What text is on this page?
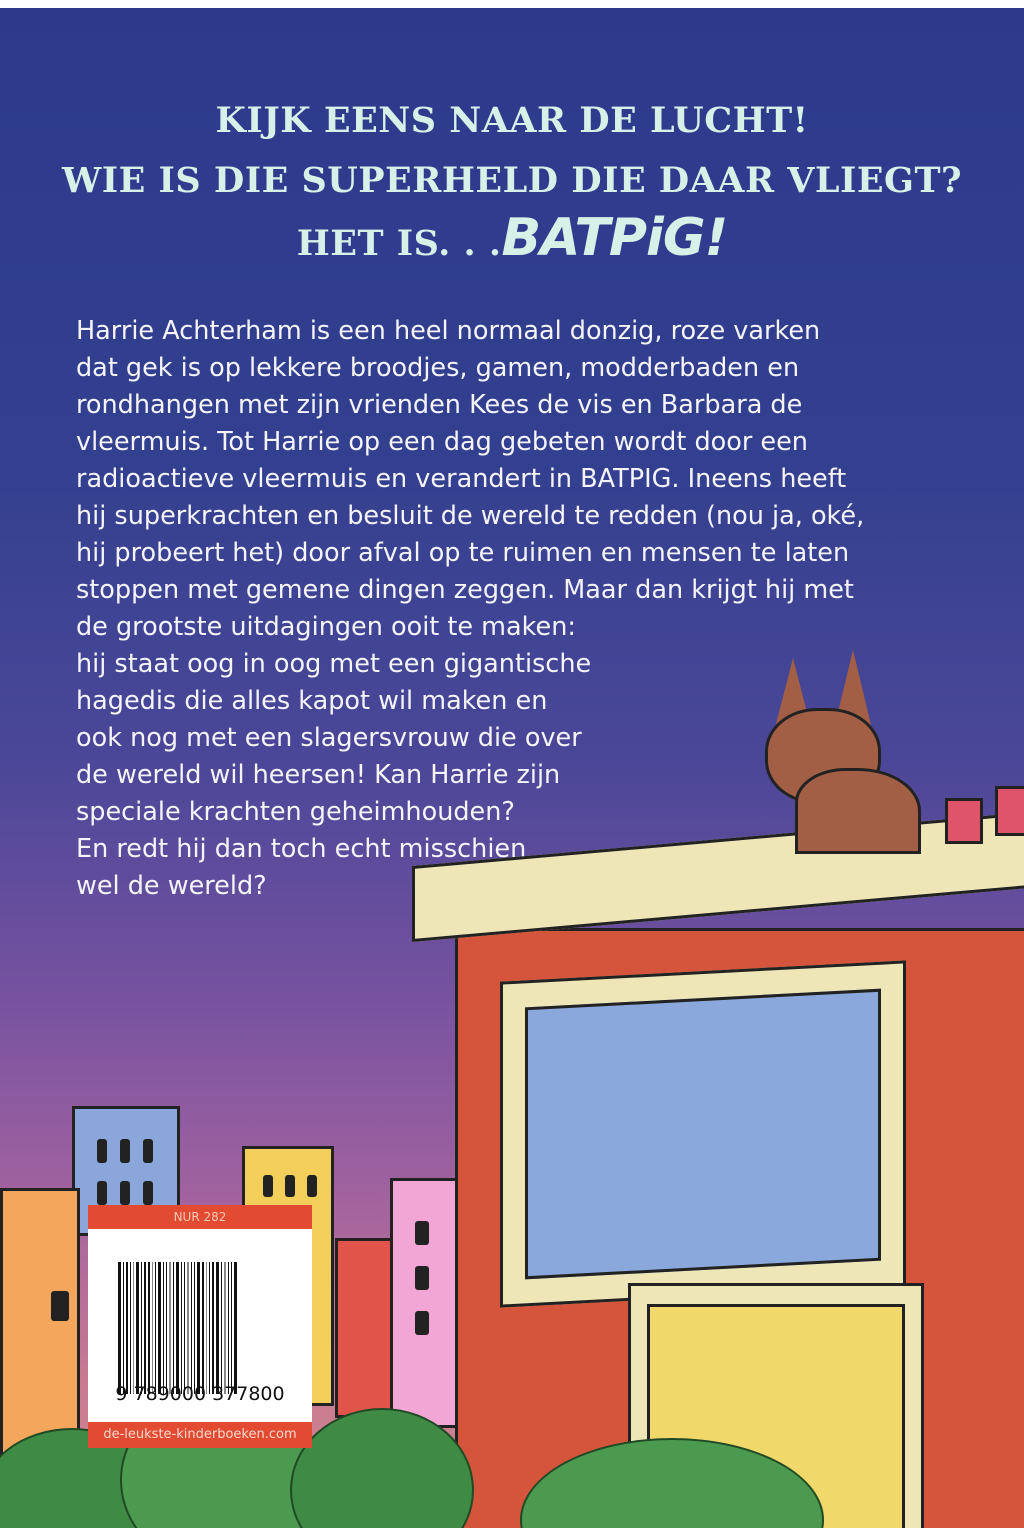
KIJK EENS NAAR DE LUCHT!
WIE IS DIE SUPERHELD DIE DAAR VLIEGT?
HET IS. . .BATPiG!
Harrie Achterham is een heel normaal donzig, roze varken
dat gek is op lekkere broodjes, gamen, modderbaden en
rondhangen met zijn vrienden Kees de vis en Barbara de
vleermuis. Tot Harrie op een dag gebeten wordt door een
radioactieve vleermuis en verandert in BATPIG. Ineens heeft
hij superkrachten en besluit de wereld te redden (nou ja, oké,
hij probeert het) door afval op te ruimen en mensen te laten
stoppen met gemene dingen zeggen. Maar dan krijgt hij met
de grootste uitdagingen ooit te maken:
hij staat oog in oog met een gigantische
hagedis die alles kapot wil maken en
ook nog met een slagersvrouw die over
de wereld wil heersen! Kan Harrie zijn
speciale krachten geheimhouden?
En redt hij dan toch echt misschien
wel de wereld?
NUR 282
9 789000 377800
de-leukste-kinderboeken.com
